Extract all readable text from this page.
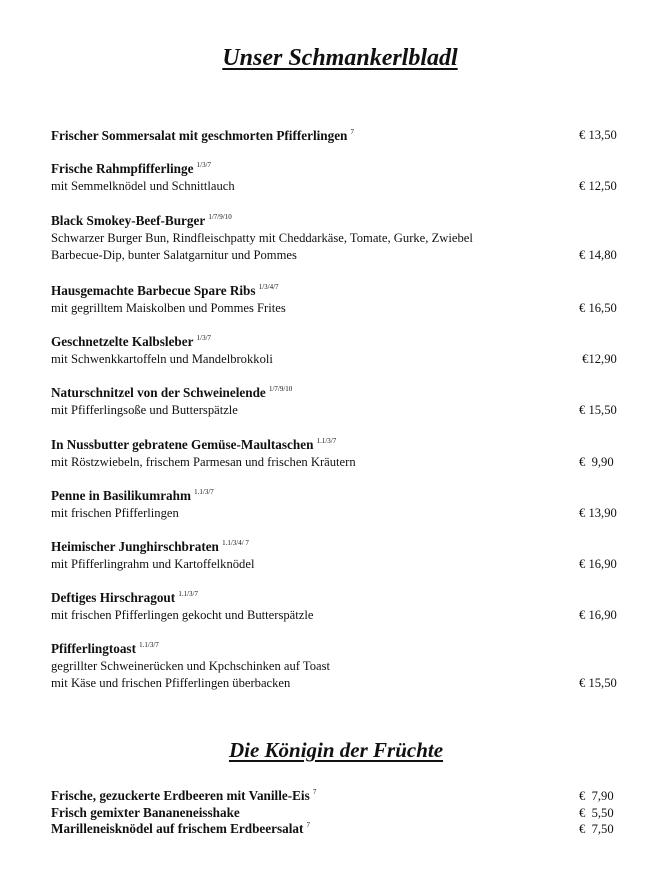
Unser Schmankerlbladl
Frischer Sommersalat mit geschmorten Pfifferlingen $^7$	€ 13,50
Frische Rahmpfifferlinge $^{1/3/7}$
mit Semmelknödel und Schnittlauch	€ 12,50
Black Smokey-Beef-Burger $^{1/7/9/10}$
Schwarzer Burger Bun, Rindfleischpatty mit Cheddarkäse, Tomate, Gurke, Zwiebel
Barbecue-Dip, bunter Salatgarnitur und Pommes	€ 14,80
Hausgemachte Barbecue Spare Ribs $^{1/3/4/7}$
mit gegrilltem Maiskolben und Pommes Frites	€ 16,50
Geschnetzelte Kalbsleber $^{1/3/7}$
mit Schwenkkartoffeln und Mandelbrokkoli	€12,90
Naturschnitzel von der Schweinelende $^{1/7/9/10}$
mit Pfifferlingsoße und Butterspätzle	€ 15,50
In Nussbutter gebratene Gemüse-Maultaschen $^{1.1/3/7}$
mit Röstzwiebeln, frischem Parmesan und frischen Kräutern	€  9,90
Penne in Basilikumrahm $^{1.1/3/7}$
mit frischen Pfifferlingen	€ 13,90
Heimischer Junghirschbraten $^{1.1/3/4/ 7}$
mit Pfifferlingrahm und Kartoffelknödel	€ 16,90
Deftiges Hirschragout $^{1.1/3/7}$
mit frischen Pfifferlingen gekocht und Butterspätzle	€ 16,90
Pfifferlingtoast $^{1.1/3/7}$
gegrillter Schweinerücken und Kpchschinken auf Toast
mit Käse und frischen Pfifferlingen überbacken	€ 15,50
Die Königin der Früchte
Frische, gezuckerte Erdbeeren mit Vanille-Eis $^7$	€  7,90
Frisch gemixter Bananeneisshake	€  5,50
Marilleneisknödel auf frischem Erdbeersalat $^7$	€  7,50
